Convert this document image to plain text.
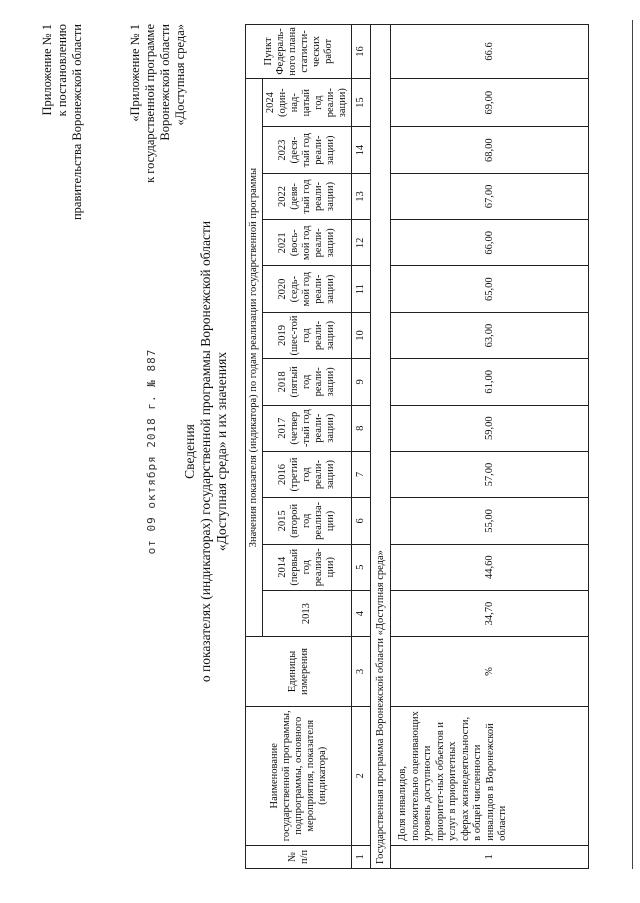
Приложение № 1 к постановлению правительства Воронежской области	«Приложение № 1 к государственной программе Воронежской области «Доступная среда»
от 09 октября 2018 г. № 887 Сведения о показателях (индикаторах) государственной программы Воронежской области «Доступная среда» и их значениях
№ п/п	Наименование государственной программы, подпрограммы, основного мероприятия, показателя (индикатора)	Единицы измерения	Значения показателя (индикатора) по годам реализации государственной программы												Пункт Федераль-ного плана статисти-ческих работ
			2013	2014 (первый год реализа-ции)	2015 (второй год реализа-ции)	2016 (третий год реали-зации)	2017 (четвер -тый год реали-зации)	2018 (пятый год реали-зации)	2019 (шес-той год реали-зации)	2020 (седь-мой год реали-зации)	2021 (вось-мой год реали-зации)	2022 (девя-тый год реали-зации)	2023 (деся-тый год реали-зации)	2024 (один-над-цатый год реали-зации)	
1	2	3	4	5	6	7	8	9	10	11	12	13	14	15	16
Государственная программа Воронежской области «Доступная среда»															
1	Доля инвалидов, положительно оценивающих уровень доступности приоритет-ных объектов и услуг в приоритетных сферах жизнедеятельности, в общей численности инвалидов в Воронежской области	%	34,70	44,60	55,00	57,00	59,00	61,00	63,00	65,00	66,00	67,00	68,00	69,00	66.6
